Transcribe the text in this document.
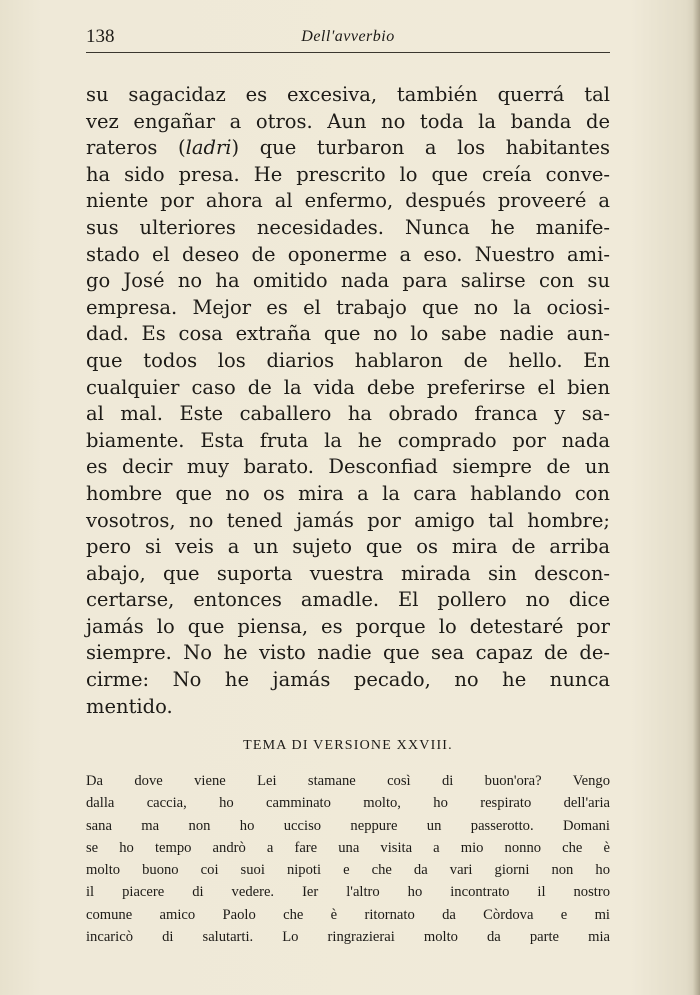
138	Dell'avverbio
su sagacidaz es excesiva, también querrá tal
vez engañar a otros. Aun no toda la banda de
rateros (ladri) que turbaron a los habitantes
ha sido presa. He prescrito lo que creía conve-
niente por ahora al enfermo, después proveeré a
sus ulteriores necesidades. Nunca he manife-
stado el deseo de oponerme a eso. Nuestro ami-
go José no ha omitido nada para salirse con su
empresa. Mejor es el trabajo que no la ociosi-
dad. Es cosa extraña que no lo sabe nadie aun-
que todos los diarios hablaron de hello. En
cualquier caso de la vida debe preferirse el bien
al mal. Este caballero ha obrado franca y sa-
biamente. Esta fruta la he comprado por nada
es decir muy barato. Desconfiad siempre de un
hombre que no os mira a la cara hablando con
vosotros, no tened jamás por amigo tal hombre;
pero si veis a un sujeto que os mira de arriba
abajo, que suporta vuestra mirada sin descon-
certarse, entonces amadle. El pollero no dice
jamás lo que piensa, es porque lo detestaré por
siempre. No he visto nadie que sea capaz de de-
cirme: No he jamás pecado, no he nunca
mentido.
TEMA DI VERSIONE XXVIII.
Da dove viene Lei stamane così di buon'ora? Vengo
dalla caccia, ho camminato molto, ho respirato dell'aria
sana ma non ho ucciso neppure un passerotto. Domani
se ho tempo andrò a fare una visita a mio nonno che è
molto buono coi suoi nipoti e che da vari giorni non ho
il piacere di vedere. Ier l'altro ho incontrato il nostro
comune amico Paolo che è ritornato da Còrdova e mi
incaricò di salutarti. Lo ringrazierai molto da parte mia
